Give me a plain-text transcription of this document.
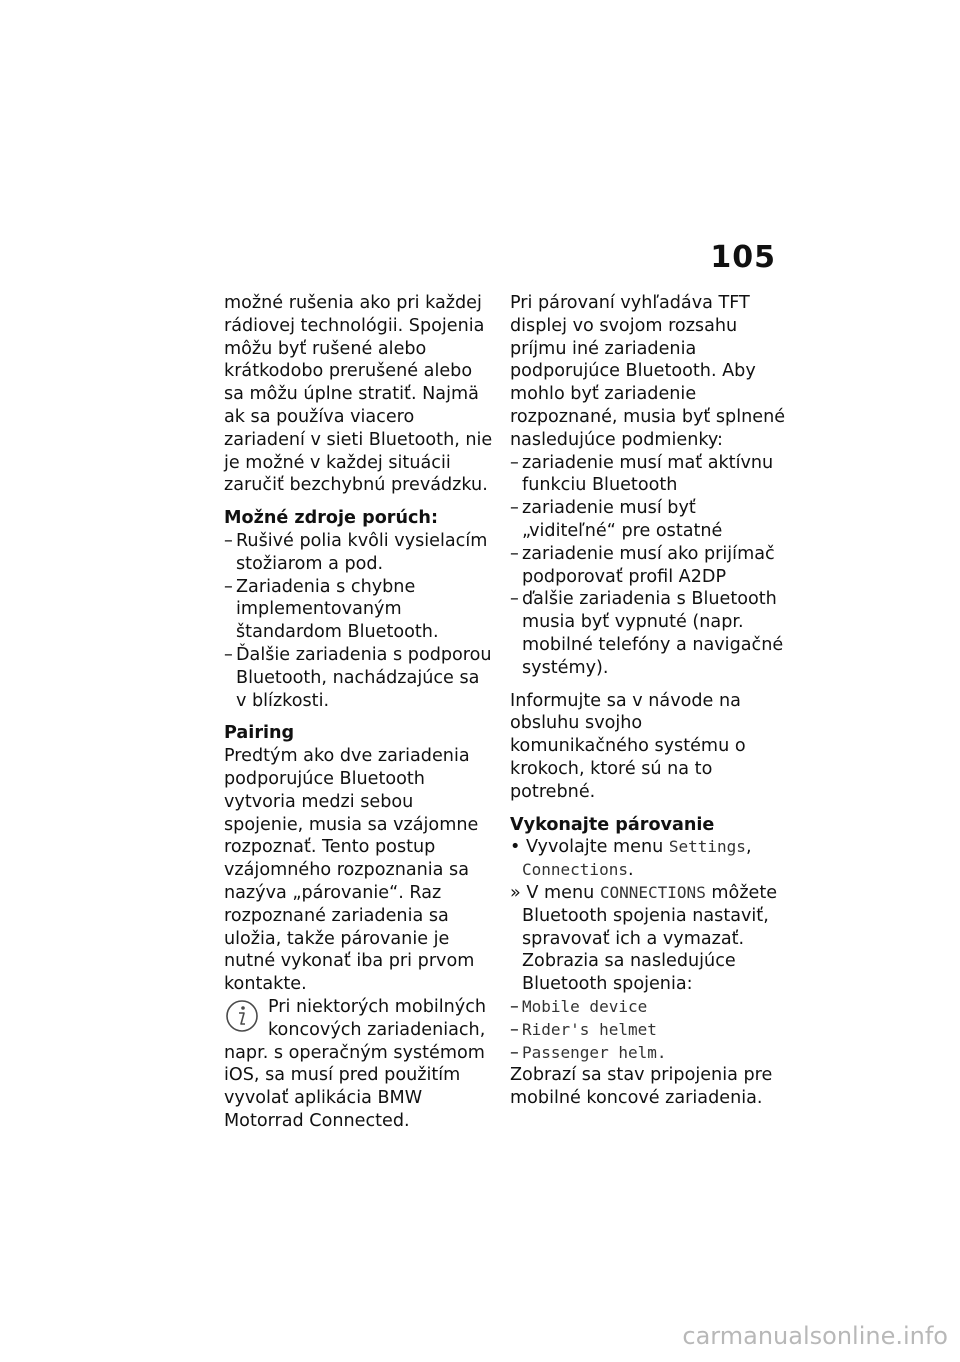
105

možné rušenia ako pri každej rádiovej technológii. Spojenia môžu byť rušené alebo krátkodobo prerušené alebo sa môžu úplne stratiť. Najmä ak sa používa viacero zariadení v sieti Bluetooth, nie je možné v každej situácii zaručiť bezchybnú prevádzku.

Možné zdroje porúch:

– Rušivé polia kvôli vysielacím stožiarom a pod.

– Zariadenia s chybne implementovaným štandardom Bluetooth.

– Ďalšie zariadenia s podporou Bluetooth, nachádzajúce sa v blízkosti.

Pairing

Predtým ako dve zariadenia podporujúce Bluetooth vytvoria medzi sebou spojenie, musia sa vzájomne rozpoznať. Tento postup vzájomného rozpoznania sa nazýva „párovanie“. Raz rozpoznané zariadenia sa uložia, takže párovanie je nutné vykonať iba pri prvom kontakte.

Pri niektorých mobilných koncových zariadeniach,

napr. s operačným systémom iOS, sa musí pred použitím vyvolať aplikácia BMW Motorrad Connected.

Pri párovaní vyhľadáva TFT displej vo svojom rozsahu príjmu iné zariadenia podporujúce Bluetooth. Aby mohlo byť zariadenie rozpoznané, musia byť splnené nasledujúce podmienky:

– zariadenie musí mať aktívnu funkciu Bluetooth

– zariadenie musí byť „viditeľné“ pre ostatné

– zariadenie musí ako prijímač podporovať profil A2DP

– ďalšie zariadenia s Bluetooth musia byť vypnuté (napr. mobilné telefóny a navigačné systémy).

Informujte sa v návode na obsluhu svojho komunikačného systému o krokoch, ktoré sú na to potrebné.

Vykonajte párovanie

• Vyvolajte menu Settings, Connections.

» V menu CONNECTIONS môžete Bluetooth spojenia nastaviť, spravovať ich a vymazať. Zobrazia sa nasledujúce Bluetooth spojenia:

– Mobile device

– Rider's helmet

– Passenger helm.

Zobrazí sa stav pripojenia pre mobilné koncové zariadenia.

carmanualsonline.info
